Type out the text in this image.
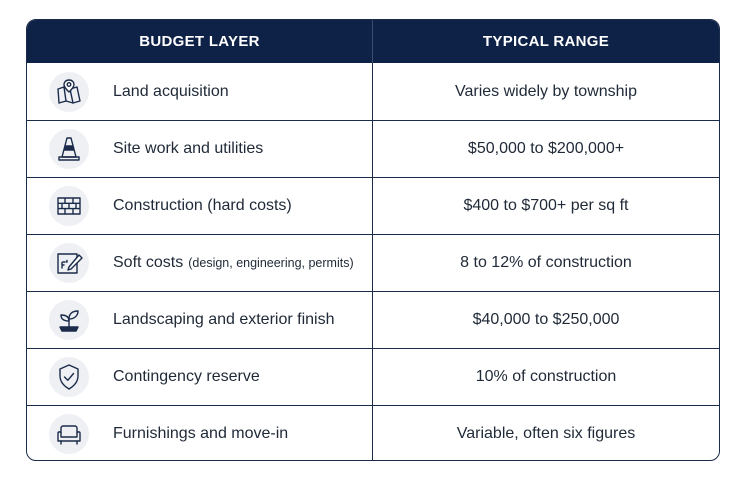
BUDGET LAYER	TYPICAL RANGE
Land acquisition	Varies widely by township
Site work and utilities	$50,000 to $200,000+
Construction (hard costs)	$400 to $700+ per sq ft
Soft costs (design, engineering, permits)	8 to 12% of construction
Landscaping and exterior finish	$40,000 to $250,000
Contingency reserve	10% of construction
Furnishings and move-in	Variable, often six figures
